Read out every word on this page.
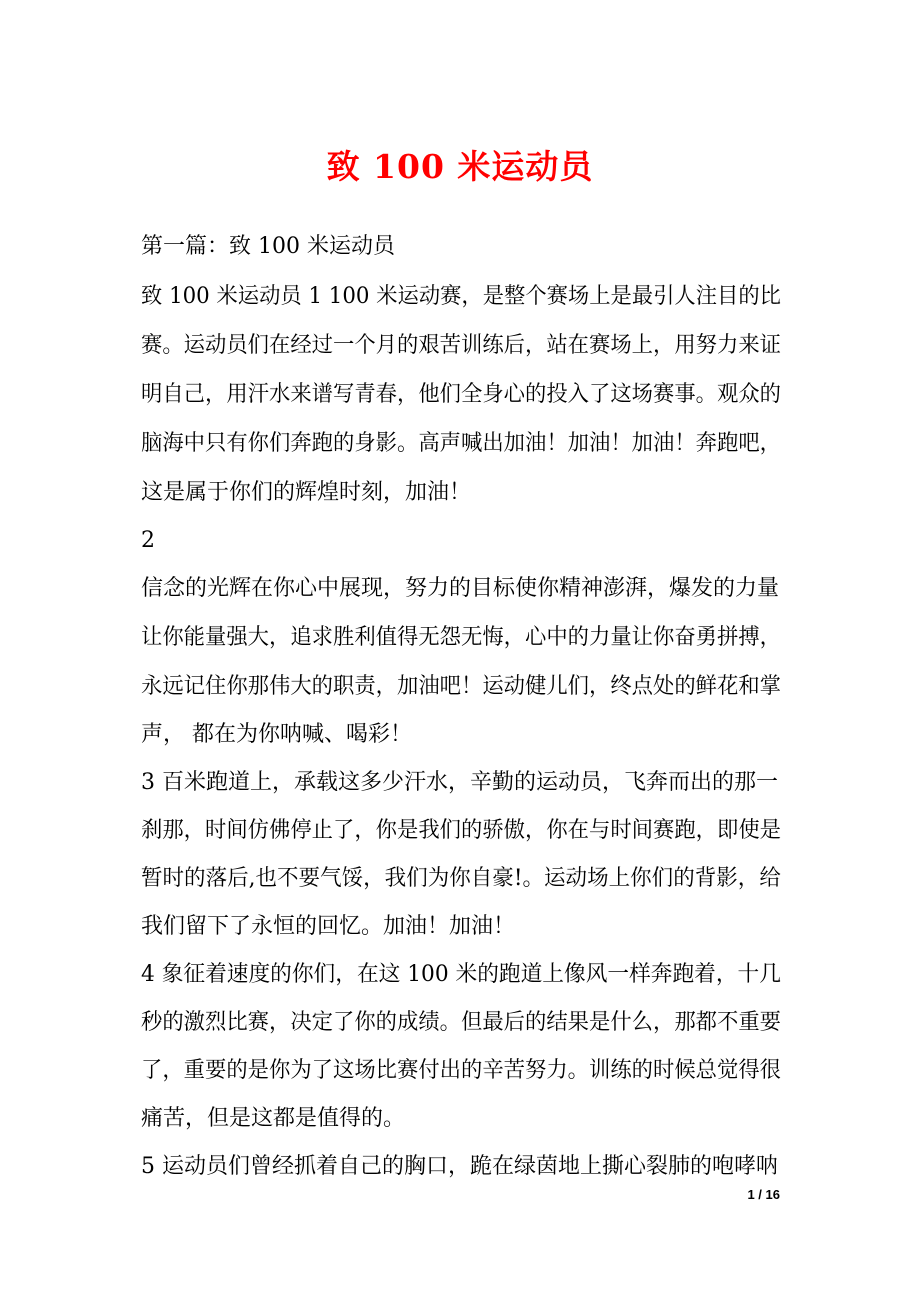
致 100 米运动员
第一篇：致 100 米运动员
致 100 米运动员 1 100 米运动赛，是整个赛场上是最引人注目的比
赛。运动员们在经过一个月的艰苦训练后，站在赛场上，用努力来证
明自己，用汗水来谱写青春，他们全身心的投入了这场赛事。观众的
脑海中只有你们奔跑的身影。高声喊出加油！加油！加油！奔跑吧，
这是属于你们的辉煌时刻，加油！
2
信念的光辉在你心中展现，努力的目标使你精神澎湃，爆发的力量
让你能量强大，追求胜利值得无怨无悔，心中的力量让你奋勇拼搏，
永远记住你那伟大的职责，加油吧！运动健儿们，终点处的鲜花和掌
声， 都在为你呐喊、喝彩！
3 百米跑道上，承载这多少汗水，辛勤的运动员，飞奔而出的那一
刹那，时间仿佛停止了，你是我们的骄傲，你在与时间赛跑，即使是
暂时的落后,也不要气馁，我们为你自豪!。运动场上你们的背影，给
我们留下了永恒的回忆。加油！加油！
4 象征着速度的你们，在这 100 米的跑道上像风一样奔跑着，十几
秒的激烈比赛，决定了你的成绩。但最后的结果是什么，那都不重要
了，重要的是你为了这场比赛付出的辛苦努力。训练的时候总觉得很
痛苦，但是这都是值得的。
5 运动员们曾经抓着自己的胸口，跪在绿茵地上撕心裂肺的咆哮呐
1 / 16
